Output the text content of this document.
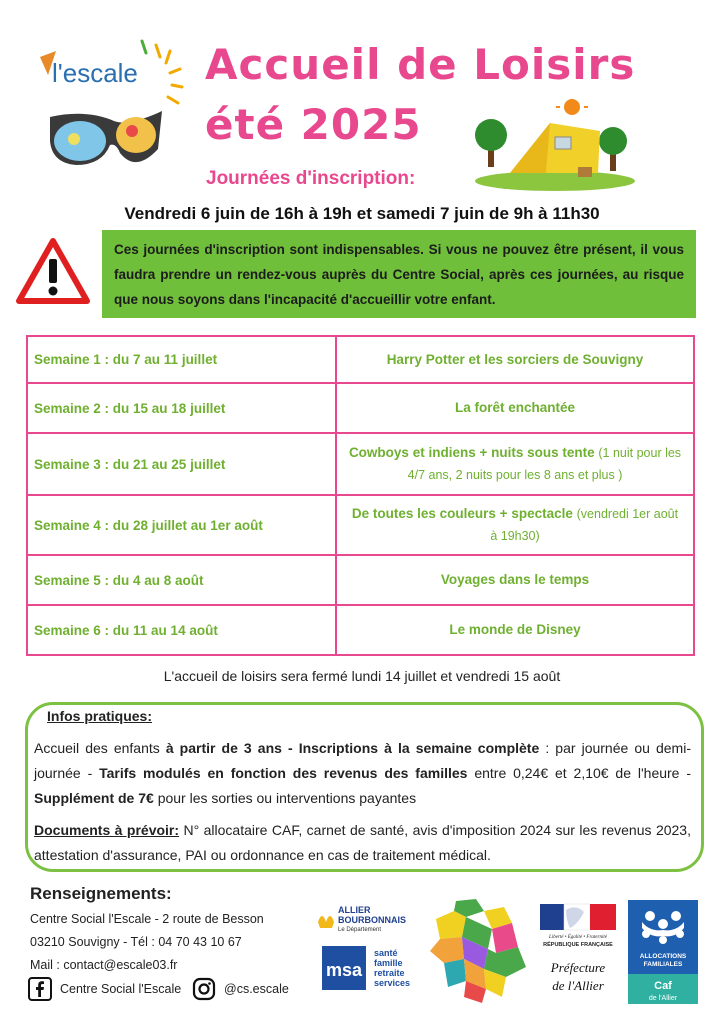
l'escale Accueil de Loisirs
été 2025
Journées d'inscription:
Vendredi 6 juin de 16h à 19h et samedi 7 juin de 9h à 11h30
Ces journées d'inscription sont indispensables. Si vous ne pouvez être présent, il vous faudra prendre un rendez-vous auprès du Centre Social, après ces journées, au risque que nous soyons dans l'incapacité d'accueillir votre enfant.
Semaine 1 : du 7 au 11 juillet	Harry Potter et les sorciers de Souvigny
Semaine 2 : du 15 au 18 juillet	La forêt enchantée
Semaine 3 : du 21 au 25 juillet	Cowboys et indiens + nuits sous tente (1 nuit pour les 4/7 ans, 2 nuits pour les 8 ans et plus )
Semaine 4 : du 28 juillet au 1er août	De toutes les couleurs + spectacle (vendredi 1er août à 19h30)
Semaine 5 : du 4 au 8 août	Voyages dans le temps
Semaine 6 : du 11 au 14 août	Le monde de Disney
L'accueil de loisirs sera fermé lundi 14 juillet et vendredi 15 août
Infos pratiques:
Accueil des enfants à partir de 3 ans - Inscriptions à la semaine complète : par journée ou demi-journée - Tarifs modulés en fonction des revenus des familles entre 0,24€ et 2,10€ de l'heure - Supplément de 7€ pour les sorties ou interventions payantes
Documents à prévoir: N° allocataire CAF, carnet de santé, avis d'imposition 2024 sur les revenus 2023, attestation d'assurance, PAI ou ordonnance en cas de traitement médical.
Renseignements:
Centre Social l'Escale - 2 route de Besson
03210 Souvigny - Tél : 04 70 43 10 67
Mail : contact@escale03.fr
Centre Social l'Escale	@cs.escale
ALLIER
BOURBONNAIS
Le Département
msa
santé
famille
retraite
services
Liberté • Égalité • Fraternité
RÉPUBLIQUE FRANÇAISE
Préfecture
de l'Allier
ALLOCATIONS
FAMILIALES
Caf
de l'Allier
